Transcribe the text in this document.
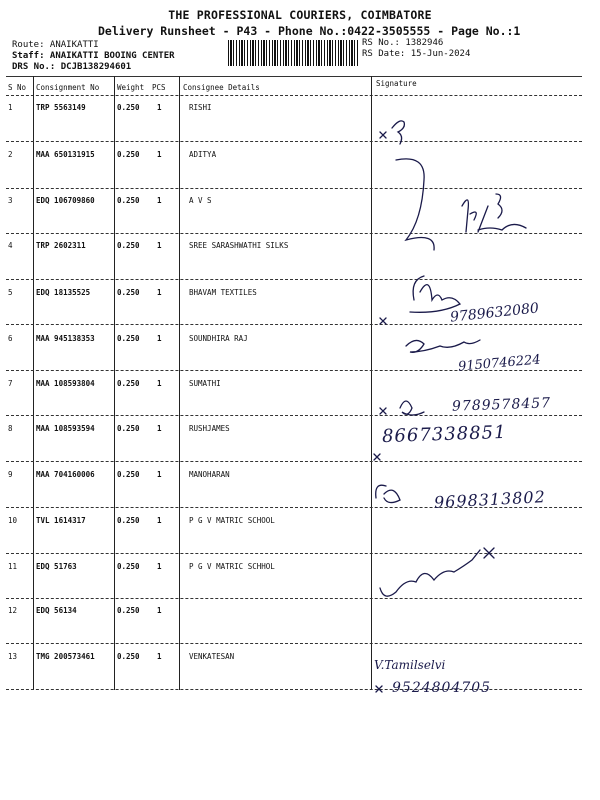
THE PROFESSIONAL COURIERS, COIMBATORE
Delivery Runsheet - P43 - Phone No.:0422-3505555 - Page No.:1
Route: ANAIKATTI
Staff: ANAIKATTI BOOING CENTER
DRS No.: DCJB138294601
RS No.: 1382946
RS Date: 15-Jun-2024
S No Consignment No Weight PCS Consignee Details	Signature
1	TRP 5563149	0.250 1	RISHI
2	MAA 650131915	0.250 1	ADITYA
3	EDQ 106709860	0.250 1	A V S
4	TRP 2602311	0.250 1	SREE SARASHWATHI SILKS
5	EDQ 18135525	0.250 1	BHAVAM TEXTILES
6	MAA 945138353	0.250 1	SOUNDHIRA RAJ
7	MAA 108593804	0.250 1	SUMATHI
8	MAA 108593594	0.250 1	RUSHJAMES
9	MAA 704160006	0.250 1	MANOHARAN
10	TVL 1614317	0.250 1	P G V MATRIC SCHOOL
11	EDQ 51763	0.250 1	P G V MATRIC SCHHOL
12	EDQ 56134	0.250 1
13	TMG 200573461	0.250 1	VENKATESAN
9789632080
9150746224
9789578457
8667338851
9698313802
V.Tamilselvi
9524804705
